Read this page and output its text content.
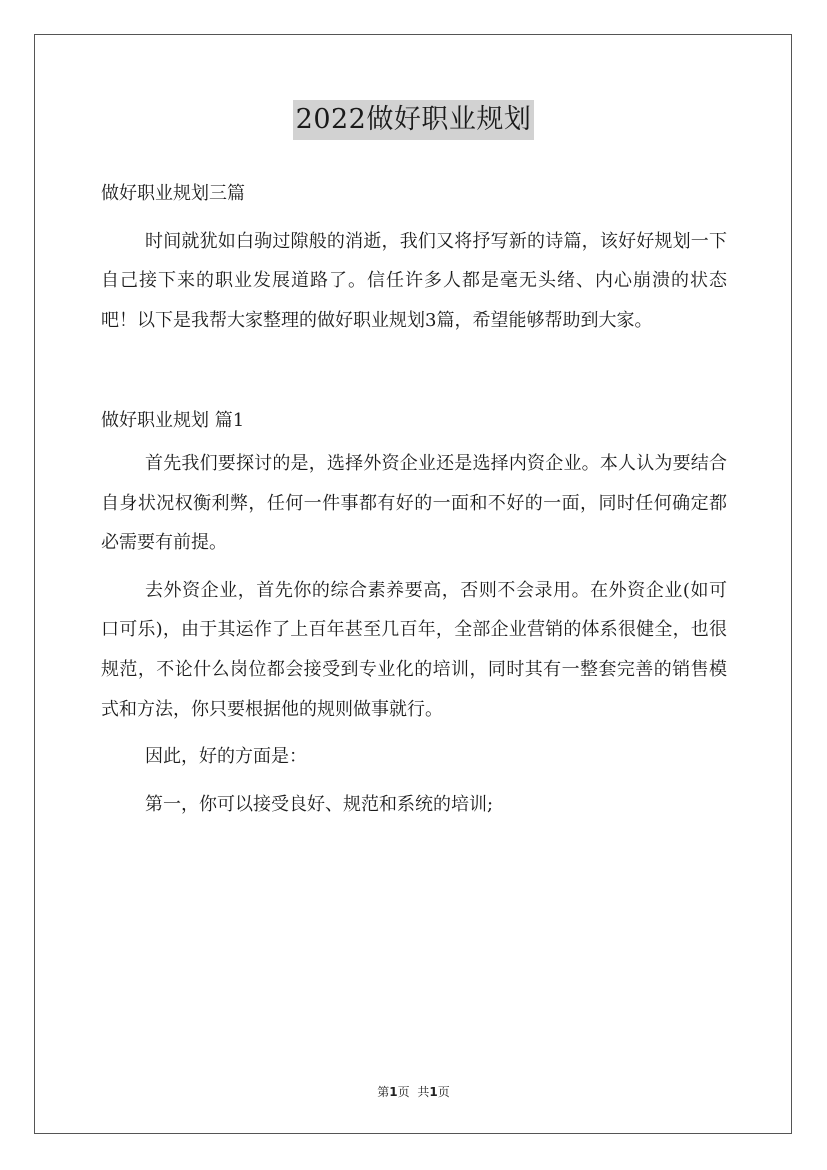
2022做好职业规划

做好职业规划三篇

时间就犹如白驹过隙般的消逝，我们又将抒写新的诗篇，该好好规划一下自己接下来的职业发展道路了。信任许多人都是毫无头绪、内心崩溃的状态吧！以下是我帮大家整理的做好职业规划3篇，希望能够帮助到大家。

做好职业规划 篇1

首先我们要探讨的是，选择外资企业还是选择内资企业。本人认为要结合自身状况权衡利弊，任何一件事都有好的一面和不好的一面，同时任何确定都必需要有前提。

去外资企业，首先你的综合素养要高，否则不会录用。在外资企业(如可口可乐)，由于其运作了上百年甚至几百年，全部企业营销的体系很健全，也很规范，不论什么岗位都会接受到专业化的培训，同时其有一整套完善的销售模式和方法，你只要根据他的规则做事就行。

因此，好的方面是：

第一，你可以接受良好、规范和系统的培训;

第1页 共1页
